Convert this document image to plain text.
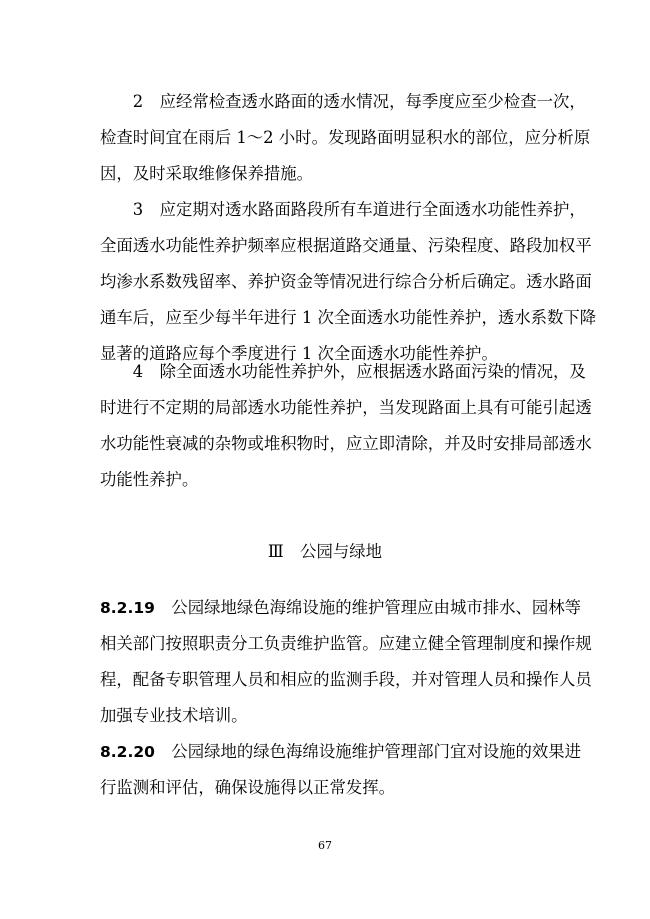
　　2　应经常检查透水路面的透水情况，每季度应至少检查一次，
检查时间宜在雨后 1～2 小时。发现路面明显积水的部位，应分析原
因，及时采取维修保养措施。

　　3　应定期对透水路面路段所有车道进行全面透水功能性养护，
全面透水功能性养护频率应根据道路交通量、污染程度、路段加权平
均渗水系数残留率、养护资金等情况进行综合分析后确定。透水路面
通车后，应至少每半年进行 1 次全面透水功能性养护，透水系数下降
显著的道路应每个季度进行 1 次全面透水功能性养护。

　　4　除全面透水功能性养护外，应根据透水路面污染的情况，及
时进行不定期的局部透水功能性养护，当发现路面上具有可能引起透
水功能性衰减的杂物或堆积物时，应立即清除，并及时安排局部透水
功能性养护。

Ⅲ　公园与绿地

8.2.19　公园绿地绿色海绵设施的维护管理应由城市排水、园林等
相关部门按照职责分工负责维护监管。应建立健全管理制度和操作规
程，配备专职管理人员和相应的监测手段，并对管理人员和操作人员
加强专业技术培训。

8.2.20　公园绿地的绿色海绵设施维护管理部门宜对设施的效果进
行监测和评估，确保设施得以正常发挥。

67
